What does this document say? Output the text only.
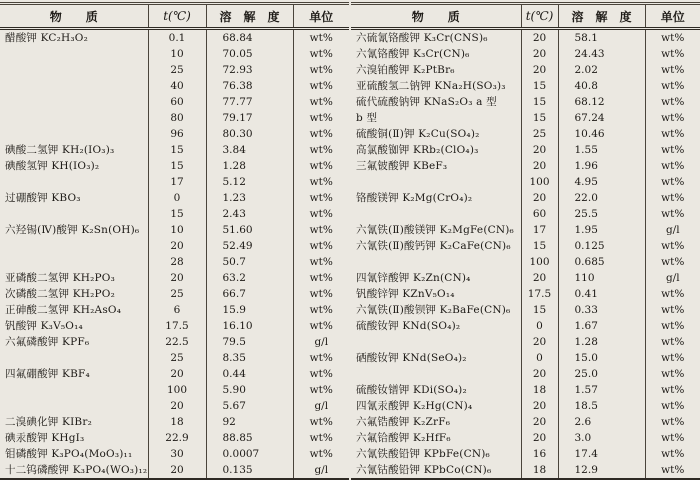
物　　质	t(℃)	溶　解　度	单位
醋酸钾 KC₂H₃O₂	0.1	68.84	wt%
	10	70.05	wt%
	25	72.93	wt%
	40	76.38	wt%
	60	77.77	wt%
	80	79.17	wt%
	96	80.30	wt%
碘酸二氢钾 KH₂(IO₃)₃	15	3.84	wt%
碘酸氢钾 KH(IO₃)₂	15	1.28	wt%
	17	5.12	wt%
过硼酸钾 KBO₃	0	1.23	wt%
	15	2.43	wt%
六羟锡(Ⅳ)酸钾 K₂Sn(OH)₆	10	51.60	wt%
	20	52.49	wt%
	28	50.7	wt%
亚磷酸二氢钾 KH₂PO₃	20	63.2	wt%
次磷酸二氢钾 KH₂PO₂	25	66.7	wt%
正砷酸二氢钾 KH₂AsO₄	6	15.9	wt%
钒酸钾 K₃V₅O₁₄	17.5	16.10	wt%
六氟磷酸钾 KPF₆	22.5	79.5	g/l
	25	8.35	wt%
四氟硼酸钾 KBF₄	20	0.44	wt%
	100	5.90	wt%
	20	5.67	g/l
二溴碘化钾 KIBr₂	18	92	wt%
碘汞酸钾 KHgI₃	22.9	88.85	wt%
钼磷酸钾 K₃PO₄(MoO₃)₁₁	30	0.0007	wt%
十二钨磷酸钾 K₃PO₄(WO₃)₁₂	20	0.135	g/l
物　　质	t(℃)	溶　解　度	单位
六硫氰铬酸钾 K₃Cr(CNS)₆	20	58.1	wt%
六氰铬酸钾 K₃Cr(CN)₆	20	24.43	wt%
六溴铂酸钾 K₂PtBr₆	20	2.02	wt%
亚硫酸氢二钠钾 KNa₂H(SO₃)₃	15	40.8	wt%
硫代硫酸钠钾 KNaS₂O₃ a 型	15	68.12	wt%
b 型	15	67.24	wt%
硫酸铜(Ⅱ)钾 K₂Cu(SO₄)₂	25	10.46	wt%
高氯酸铷钾 KRb₂(ClO₄)₃	20	1.55	wt%
三氟铍酸钾 KBeF₃	20	1.96	wt%
	100	4.95	wt%
铬酸镁钾 K₂Mg(CrO₄)₂	20	22.0	wt%
	60	25.5	wt%
六氰铁(Ⅱ)酸镁钾 K₂MgFe(CN)₆	17	1.95	g/l
六氰铁(Ⅱ)酸钙钾 K₂CaFe(CN)₆	15	0.125	wt%
	100	0.685	wt%
四氰锌酸钾 K₂Zn(CN)₄	20	110	g/l
钒酸锌钾 KZnV₅O₁₄	17.5	0.41	wt%
六氰铁(Ⅱ)酸钡钾 K₂BaFe(CN)₆	15	0.33	wt%
硫酸钕钾 KNd(SO₄)₂	0	1.67	wt%
	20	1.28	wt%
硒酸钕钾 KNd(SeO₄)₂	0	15.0	wt%
	20	25.0	wt%
硫酸钕镨钾 KDi(SO₄)₂	18	1.57	wt%
四氰汞酸钾 K₂Hg(CN)₄	20	18.5	wt%
六氟锆酸钾 K₂ZrF₆	20	2.6	wt%
六氟铪酸钾 K₂HfF₆	20	3.0	wt%
六氰铁酸铅钾 KPbFe(CN)₆	16	17.4	wt%
六氰钴酸铅钾 KPbCo(CN)₆	18	12.9	wt%
